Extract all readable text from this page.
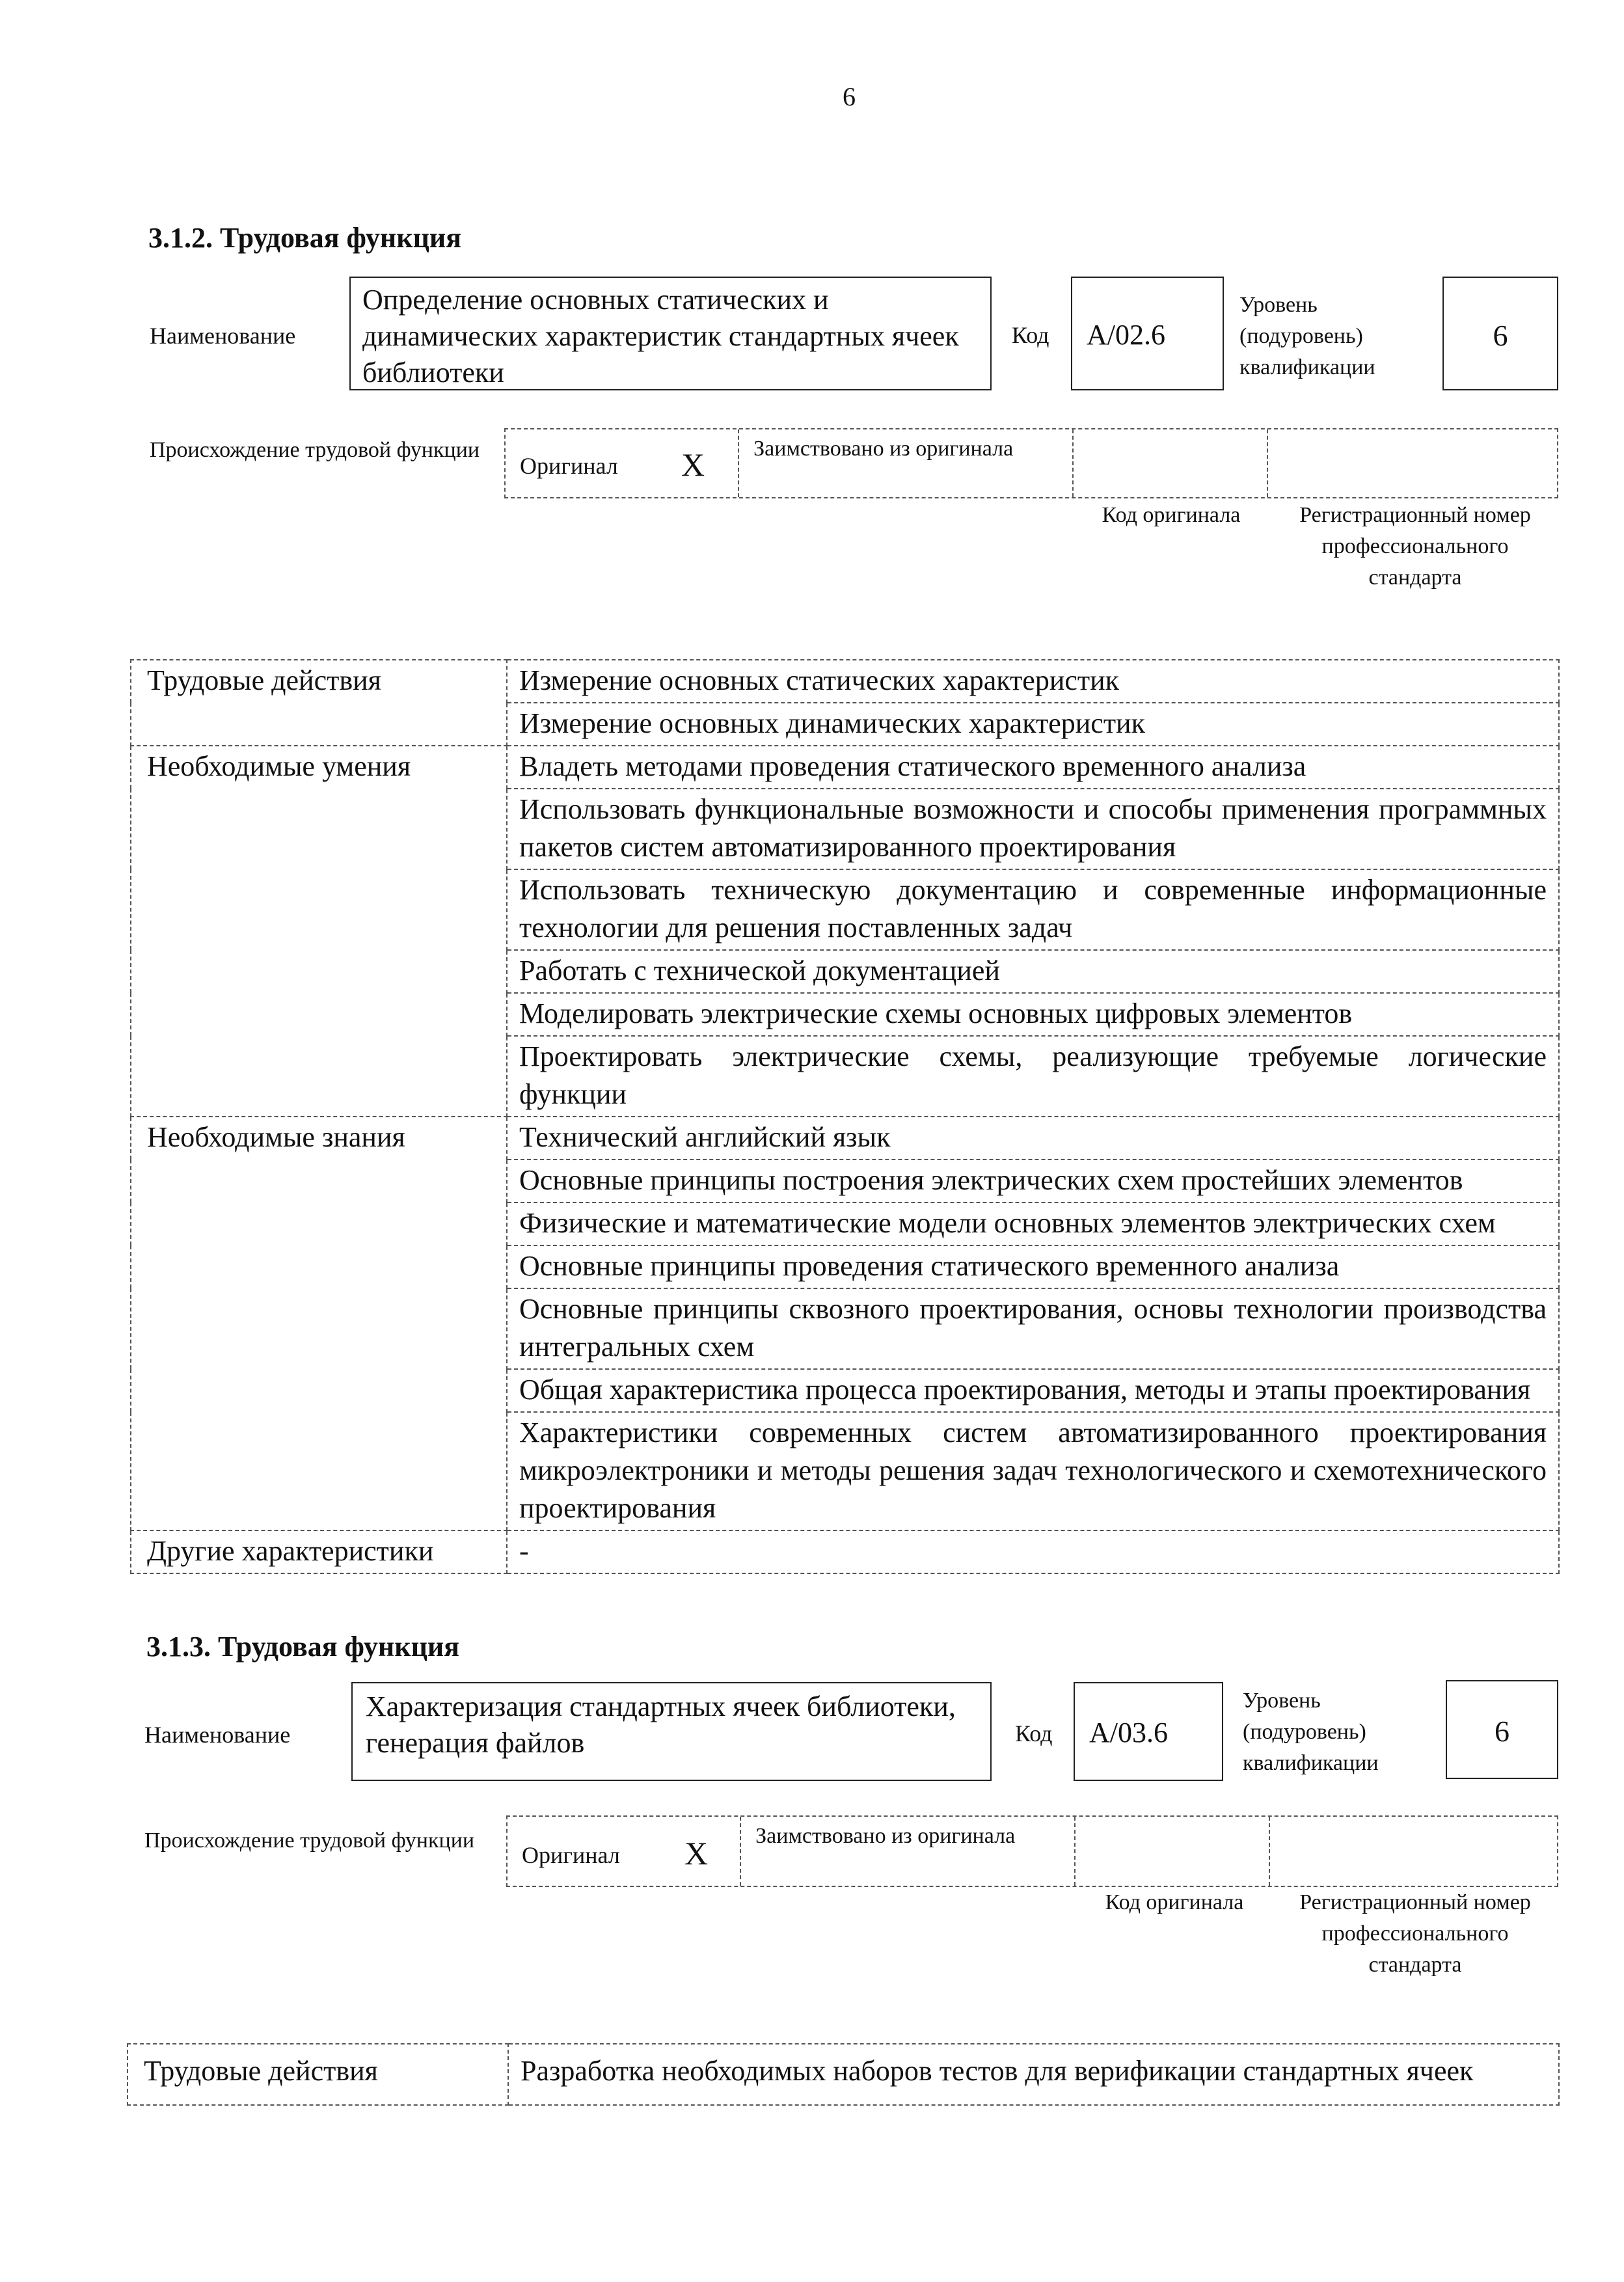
6
3.1.2. Трудовая функция
Наименование
Определение основных статических и динамических характеристик стандартных ячеек библиотеки
Код A/02.6
Уровень (подуровень) квалификации
6
Происхождение трудовой функции
Оригинал X Заимствовано из оригинала
Код оригинала	Регистрационный номер профессионального стандарта
Трудовые действия	Измерение основных статических характеристик
	Измерение основных динамических характеристик
Необходимые умения	Владеть методами проведения статического временного анализа
	Использовать функциональные возможности и способы применения программных пакетов систем автоматизированного проектирования
	Использовать техническую документацию и современные информационные технологии для решения поставленных задач
	Работать с технической документацией
	Моделировать электрические схемы основных цифровых элементов
	Проектировать электрические схемы, реализующие требуемые логические функции
Необходимые знания	Технический английский язык
	Основные принципы построения электрических схем простейших элементов
	Физические и математические модели основных элементов электрических схем
	Основные принципы проведения статического временного анализа
	Основные принципы сквозного проектирования, основы технологии производства интегральных схем
	Общая характеристика процесса проектирования, методы и этапы проектирования
	Характеристики современных систем автоматизированного проектирования микроэлектроники и методы решения задач технологического и схемотехнического проектирования
Другие характеристики	-
3.1.3. Трудовая функция
Наименование
Характеризация стандартных ячеек библиотеки, генерация файлов	Код A/03.6
Уровень (подуровень) квалификации
6
Происхождение трудовой функции
Оригинал X Заимствовано из оригинала
Код оригинала	Регистрационный номер профессионального стандарта
Трудовые действия	Разработка необходимых наборов тестов для верификации стандартных ячеек
